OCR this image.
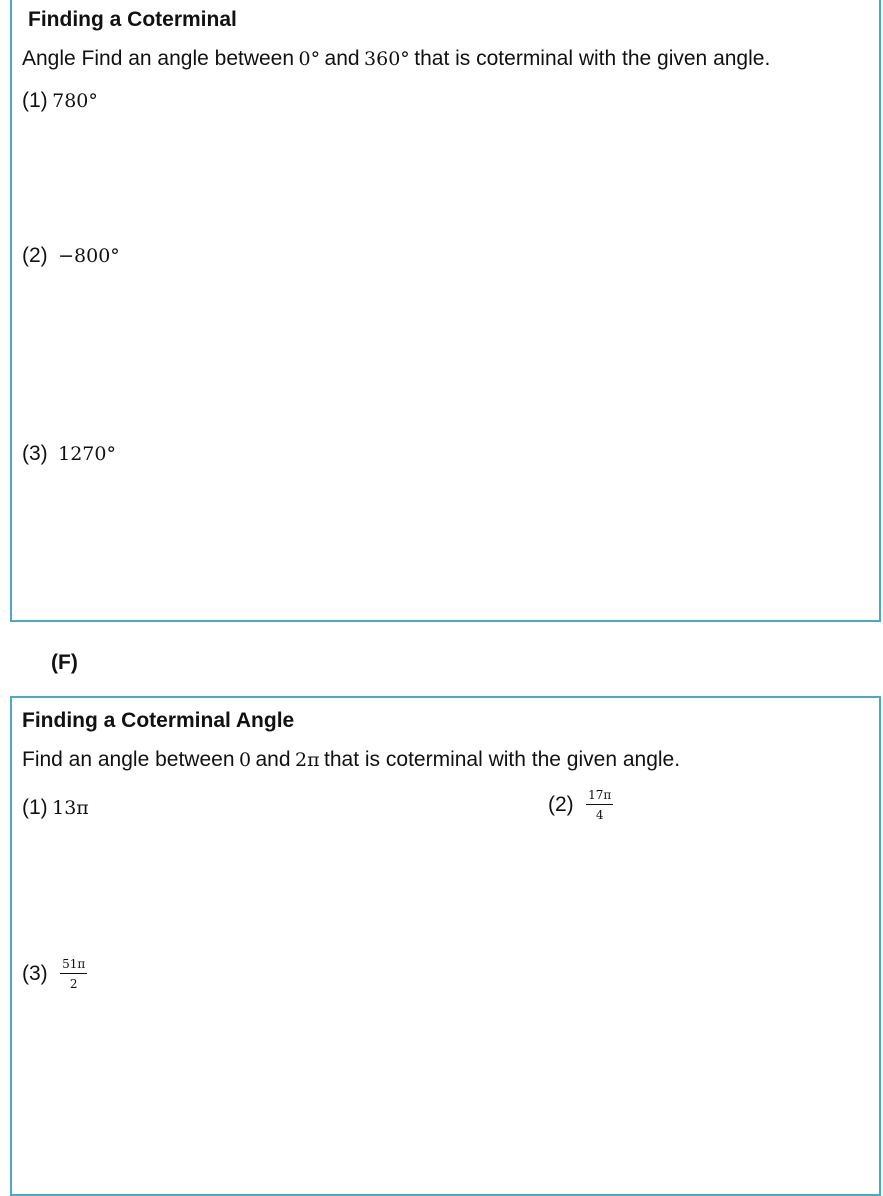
Finding a Coterminal
Angle Find an angle between 0° and 360° that is coterminal with the given angle.
(1) 780°
(2) −800°
(3) 1270°
(F)
Finding a Coterminal Angle
Find an angle between 0 and 2π that is coterminal with the given angle.
(1) 13π	$(2) \frac{17\pi}{4}$
$(3) \frac{51\pi}{2}$
